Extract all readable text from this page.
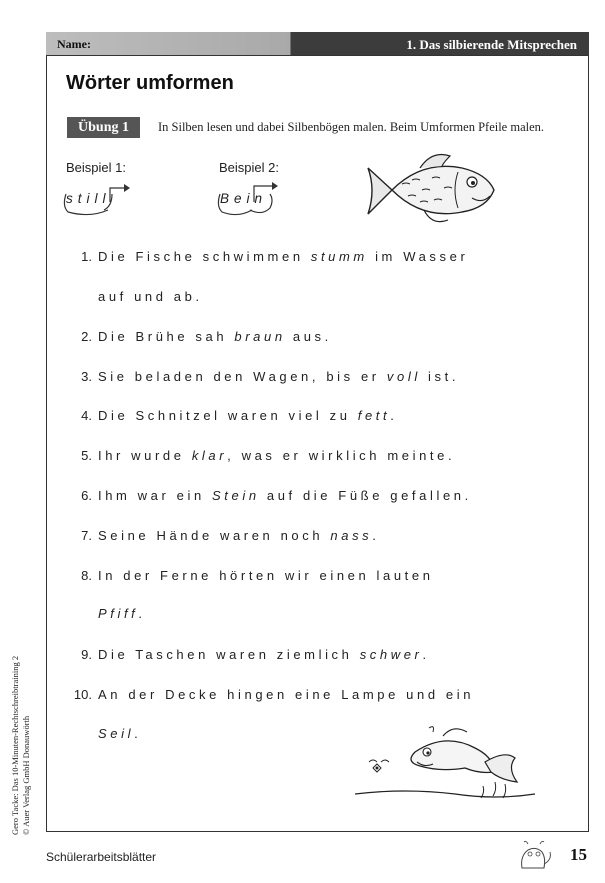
Name:	1. Das silbierende Mitsprechen
Wörter umformen
Übung 1	In Silben lesen und dabei Silbenbögen malen. Beim Umformen Pfeile malen.
Beispiel 1:
still
Beispiel 2:
Bein
1. Die Fische schwimmen stumm im Wasser
auf und ab.
2. Die Brühe sah braun aus.
3. Sie beladen den Wagen, bis er voll ist.
4. Die Schnitzel waren viel zu fett.
5. Ihr wurde klar, was er wirklich meinte.
6. Ihm war ein Stein auf die Füße gefallen.
7. Seine Hände waren noch nass.
8. In der Ferne hörten wir einen lauten
Pfiff.
9. Die Taschen waren ziemlich schwer.
10. An der Decke hingen eine Lampe und ein
Seil.
Gero Tacke: Das 10-Minuten-Rechtschreibtraining 2 © Auer Verlag GmbH Donauwörth
Schülerarbeitsblätter	15
